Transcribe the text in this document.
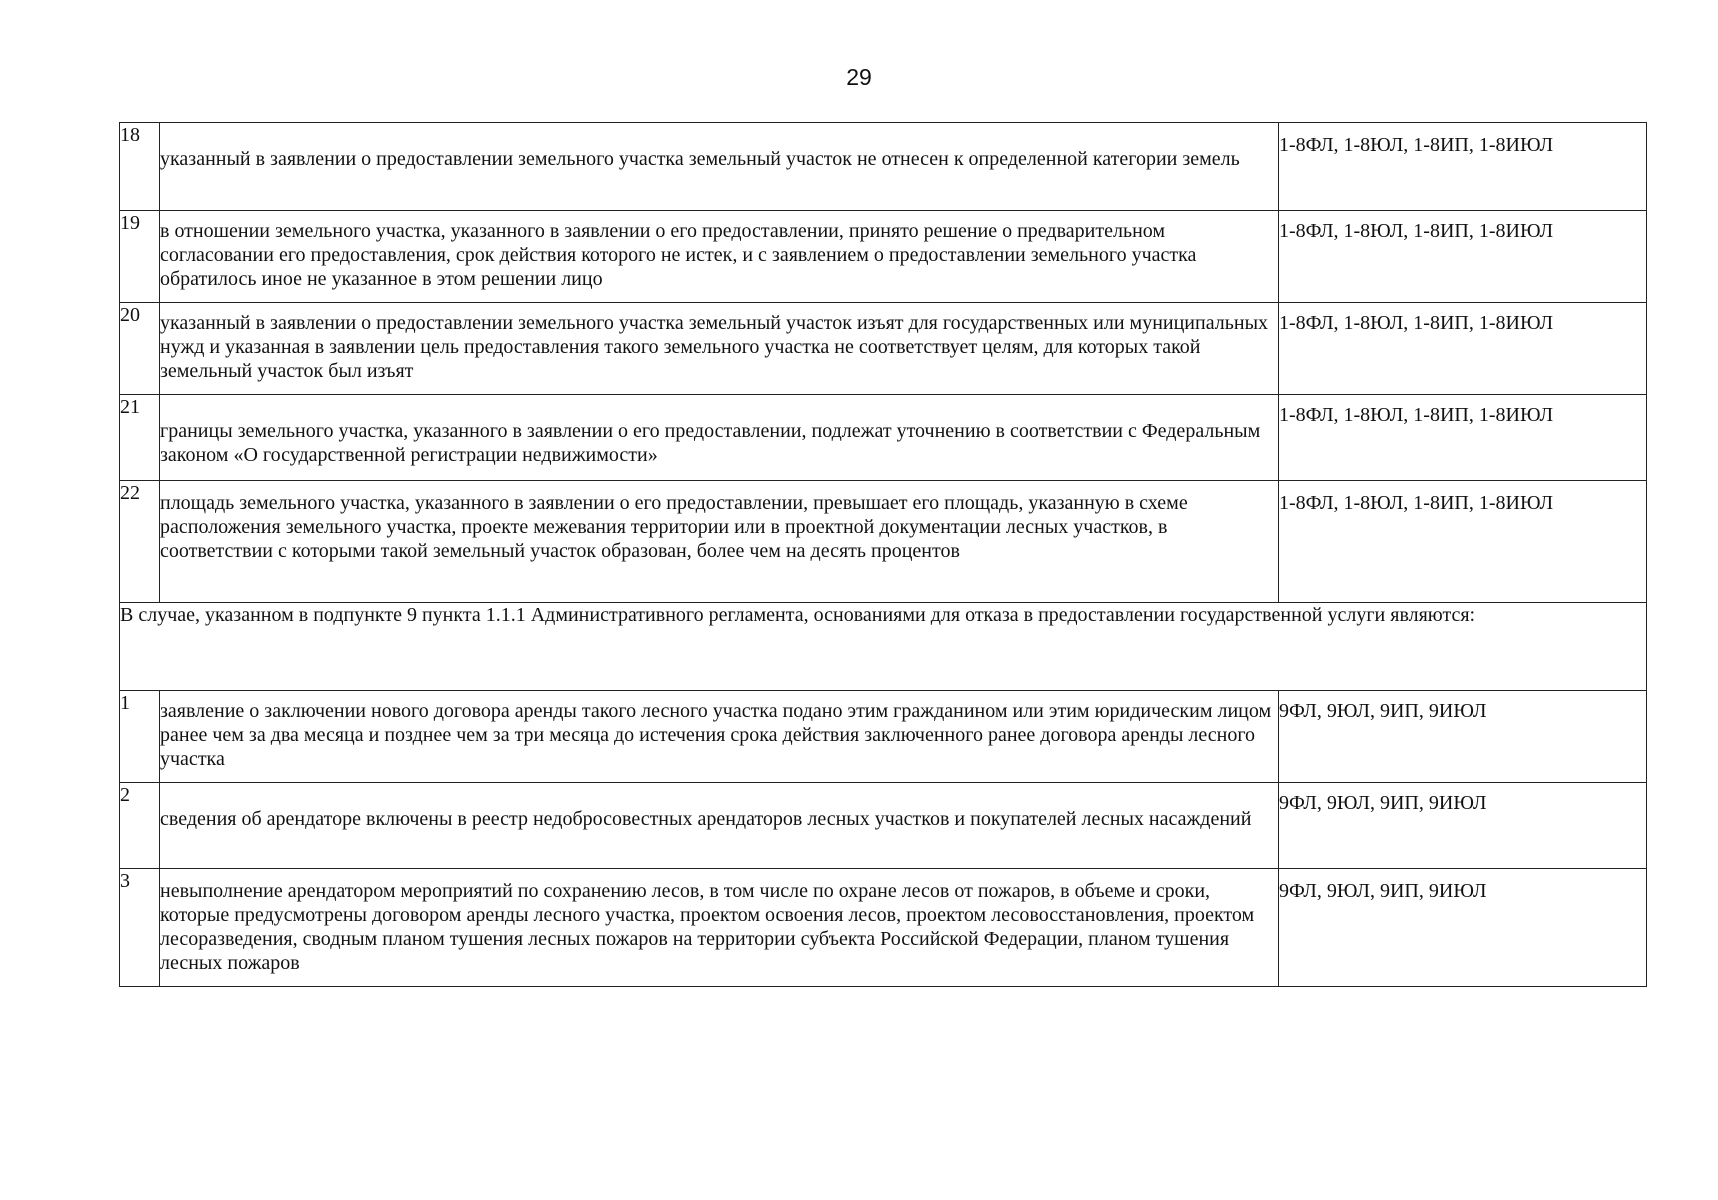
29
18	указанный в заявлении о предоставлении земельного участка земельный участок не отнесен к определенной категории земель	1-8ФЛ, 1-8ЮЛ, 1-8ИП, 1-8ИЮЛ
19	в отношении земельного участка, указанного в заявлении о его предоставлении, принято решение о предварительном согласовании его предоставления, срок действия которого не истек, и с заявлением о предоставлении земельного участка обратилось иное не указанное в этом решении лицо	1-8ФЛ, 1-8ЮЛ, 1-8ИП, 1-8ИЮЛ
20	указанный в заявлении о предоставлении земельного участка земельный участок изъят для государственных или муниципальных нужд и указанная в заявлении цель предоставления такого земельного участка не соответствует целям, для которых такой земельный участок был изъят	1-8ФЛ, 1-8ЮЛ, 1-8ИП, 1-8ИЮЛ
21	границы земельного участка, указанного в заявлении о его предоставлении, подлежат уточнению в соответствии с Федеральным законом «О государственной регистрации недвижимости»	1-8ФЛ, 1-8ЮЛ, 1-8ИП, 1-8ИЮЛ
22	площадь земельного участка, указанного в заявлении о его предоставлении, превышает его площадь, указанную в схеме расположения земельного участка, проекте межевания территории или в проектной документации лесных участков, в соответствии с которыми такой земельный участок образован, более чем на десять процентов	1-8ФЛ, 1-8ЮЛ, 1-8ИП, 1-8ИЮЛ
В случае, указанном в подпункте 9 пункта 1.1.1 Административного регламента, основаниями для отказа в предоставлении государственной услуги являются:		
1	заявление о заключении нового договора аренды такого лесного участка подано этим гражданином или этим юридическим лицом ранее чем за два месяца и позднее чем за три месяца до истечения срока действия заключенного ранее договора аренды лесного участка	9ФЛ, 9ЮЛ, 9ИП, 9ИЮЛ
2	сведения об арендаторе включены в реестр недобросовестных арендаторов лесных участков и покупателей лесных насаждений	9ФЛ, 9ЮЛ, 9ИП, 9ИЮЛ
3	невыполнение арендатором мероприятий по сохранению лесов, в том числе по охране лесов от пожаров, в объеме и сроки, которые предусмотрены договором аренды лесного участка, проектом освоения лесов, проектом лесовосстановления, проектом лесоразведения, сводным планом тушения лесных пожаров на территории субъекта Российской Федерации, планом тушения лесных пожаров	9ФЛ, 9ЮЛ, 9ИП, 9ИЮЛ
